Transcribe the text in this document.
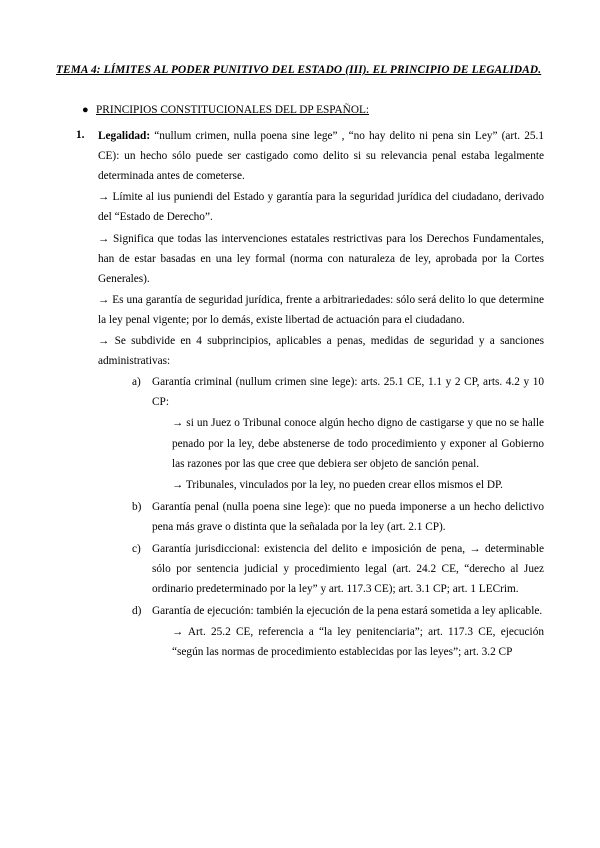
TEMA 4: LÍMITES AL PODER PUNITIVO DEL ESTADO (III). EL PRINCIPIO DE LEGALIDAD.
● PRINCIPIOS CONSTITUCIONALES DEL DP ESPAÑOL:
1.	Legalidad: “nullum crimen, nulla poena sine lege” , “no hay delito ni pena sin Ley” (art. 25.1 CE): un hecho sólo puede ser castigado como delito si su relevancia penal estaba legalmente determinada antes de cometerse.

→ Límite al ius puniendi del Estado y garantía para la seguridad jurídica del ciudadano, derivado del “Estado de Derecho”.

→ Significa que todas las intervenciones estatales restrictivas para los Derechos Fundamentales, han de estar basadas en una ley formal (norma con naturaleza de ley, aprobada por la Cortes Generales).

→ Es una garantía de seguridad jurídica, frente a arbitrariedades: sólo será delito lo que determine la ley penal vigente; por lo demás, existe libertad de actuación para el ciudadano.

→ Se subdivide en 4 subprincipios, aplicables a penas, medidas de seguridad y a sanciones administrativas:

a) Garantía criminal (nullum crimen sine lege): arts. 25.1 CE, 1.1 y 2 CP, arts. 4.2 y 10 CP:

→ si un Juez o Tribunal conoce algún hecho digno de castigarse y que no se halle penado por la ley, debe abstenerse de todo procedimiento y exponer al Gobierno las razones por las que cree que debiera ser objeto de sanción penal.

→ Tribunales, vinculados por la ley, no pueden crear ellos mismos el DP.

b) Garantía penal (nulla poena sine lege): que no pueda imponerse a un hecho delictivo pena más grave o distinta que la señalada por la ley (art. 2.1 CP).

c) Garantía jurisdiccional: existencia del delito e imposición de pena, → determinable sólo por sentencia judicial y procedimiento legal (art. 24.2 CE, “derecho al Juez ordinario predeterminado por la ley” y art. 117.3 CE); art. 3.1 CP; art. 1 LECrim.

d) Garantía de ejecución: también la ejecución de la pena estará sometida a ley aplicable.

→ Art. 25.2 CE, referencia a “la ley penitenciaria”; art. 117.3 CE, ejecución “según las normas de procedimiento establecidas por las leyes”; art. 3.2 CP
